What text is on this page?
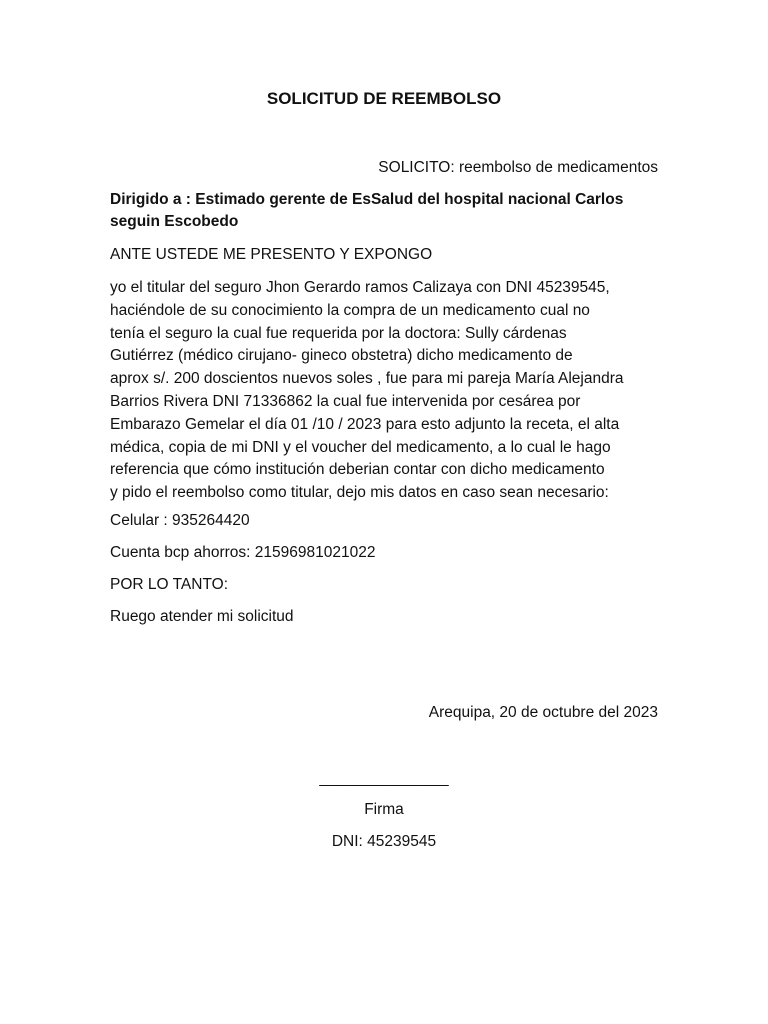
SOLICITUD DE REEMBOLSO
SOLICITO: reembolso de medicamentos
Dirigido a : Estimado gerente de EsSalud del hospital nacional Carlos
seguin Escobedo
ANTE USTEDE ME PRESENTO Y EXPONGO
yo el titular del seguro Jhon Gerardo ramos Calizaya con DNI 45239545,
haciéndole de su conocimiento la compra de un medicamento cual no
tenía el seguro la cual fue requerida por la doctora: Sully cárdenas
Gutiérrez (médico cirujano- gineco obstetra) dicho medicamento de
aprox s/. 200 doscientos nuevos soles , fue para mi pareja María Alejandra
Barrios Rivera DNI 71336862 la cual fue intervenida por cesárea por
Embarazo Gemelar el día 01 /10 / 2023 para esto adjunto la receta, el alta
médica, copia de mi DNI y el voucher del medicamento, a lo cual le hago
referencia que cómo institución deberian contar con dicho medicamento
y pido el reembolso como titular, dejo mis datos en caso sean necesario:
Celular : 935264420
Cuenta bcp ahorros: 21596981021022
POR LO TANTO:
Ruego atender mi solicitud
Arequipa, 20 de octubre del 2023
_______________
Firma
DNI: 45239545
